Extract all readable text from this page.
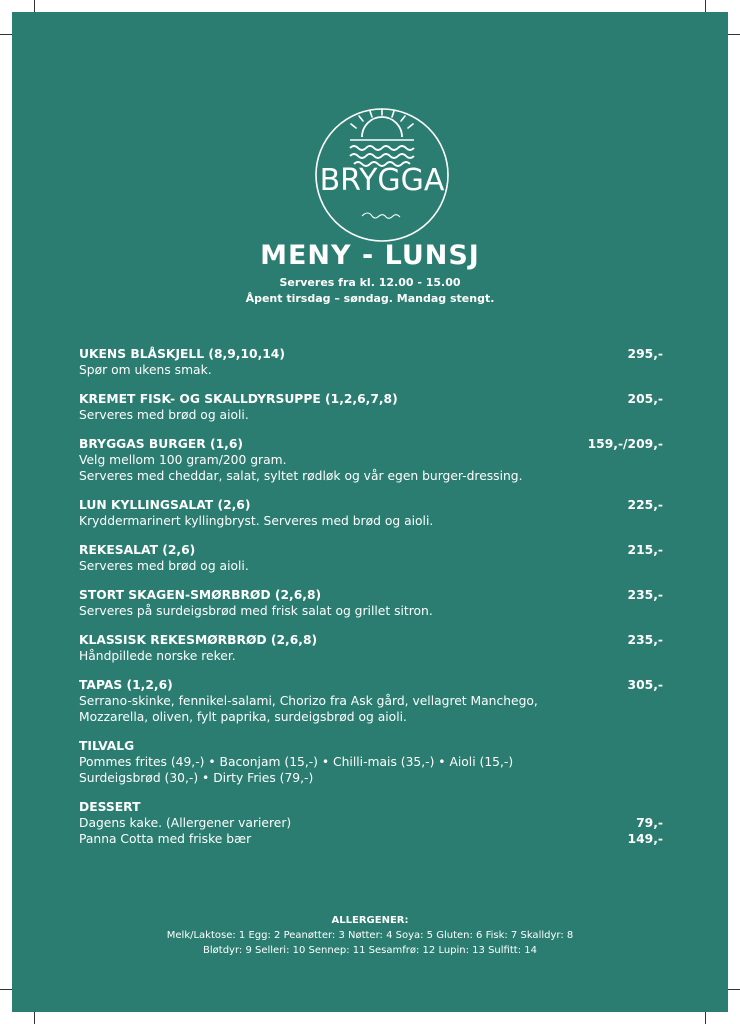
BRYGGA
MENY - LUNSJ
Serveres fra kl. 12.00 - 15.00
Åpent tirsdag – søndag. Mandag stengt.
UKENS BLÅSKJELL (8,9,10,14)	295,-
Spør om ukens smak.
KREMET FISK- OG SKALLDYRSUPPE (1,2,6,7,8)	205,-
Serveres med brød og aioli.
BRYGGAS BURGER (1,6)	159,-/209,-
Velg mellom 100 gram/200 gram.
Serveres med cheddar, salat, syltet rødløk og vår egen burger-dressing.
LUN KYLLINGSALAT (2,6)	225,-
Kryddermarinert kyllingbryst. Serveres med brød og aioli.
REKESALAT (2,6)	215,-
Serveres med brød og aioli.
STORT SKAGEN-SMØRBRØD (2,6,8)	235,-
Serveres på surdeigsbrød med frisk salat og grillet sitron.
KLASSISK REKESMØRBRØD (2,6,8)	235,-
Håndpillede norske reker.
TAPAS (1,2,6)	305,-
Serrano-skinke, fennikel-salami, Chorizo fra Ask gård, vellagret Manchego,
Mozzarella, oliven, fylt paprika, surdeigsbrød og aioli.
TILVALG
Pommes frites (49,-) • Baconjam (15,-) • Chilli-mais (35,-) • Aioli (15,-)
Surdeigsbrød (30,-) • Dirty Fries (79,-)
DESSERT
Dagens kake. (Allergener varierer)	79,-
Panna Cotta med friske bær	149,-
ALLERGENER:
Melk/Laktose: 1 Egg: 2 Peanøtter: 3 Nøtter: 4 Soya: 5 Gluten: 6 Fisk: 7 Skalldyr: 8
Bløtdyr: 9 Selleri: 10 Sennep: 11 Sesamfrø: 12 Lupin: 13 Sulfitt: 14
